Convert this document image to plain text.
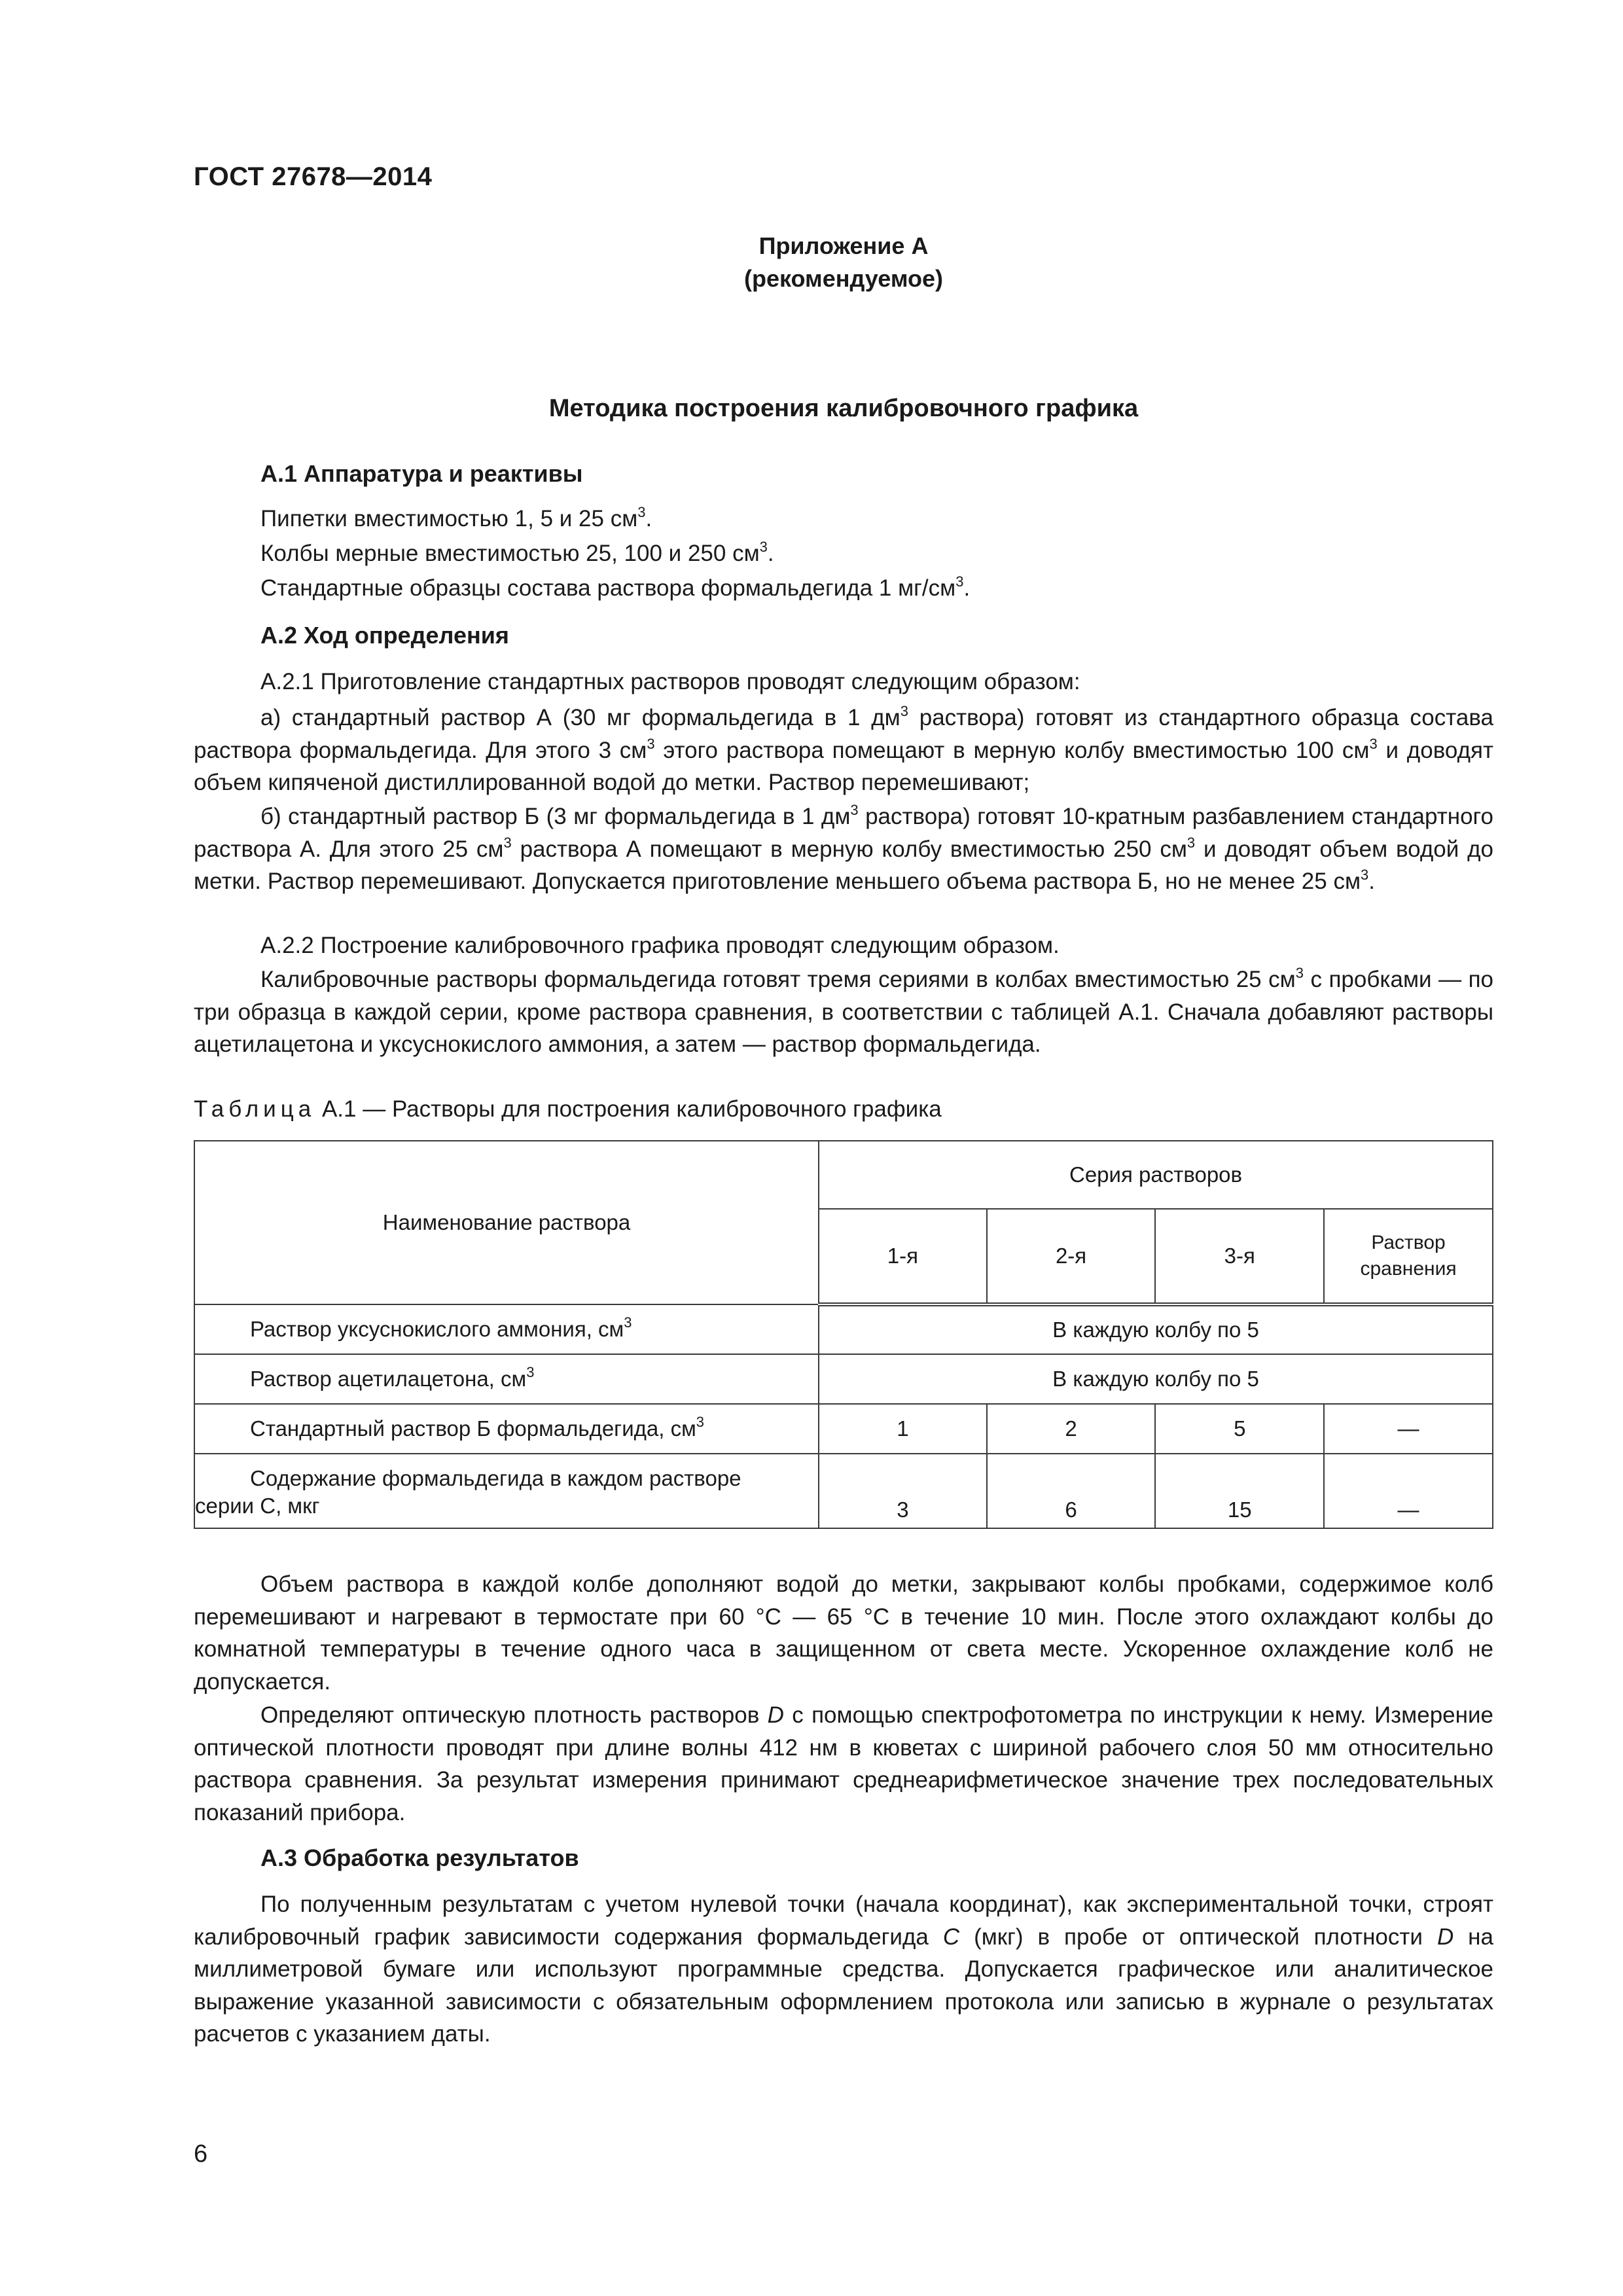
ГОСТ 27678—2014
Приложение А
(рекомендуемое)
Методика построения калибровочного графика
А.1 Аппаратура и реактивы
Пипетки вместимостью 1, 5 и 25 $см^3$.
Колбы мерные вместимостью 25, 100 и 250 $см^3$.
Стандартные образцы состава раствора формальдегида 1 $мг/см^3$.
А.2 Ход определения
А.2.1 Приготовление стандартных растворов проводят следующим образом:

а) стандартный раствор А (30 мг формальдегида в 1 $дм^3$ раствора) готовят из стандартного образца состава раствора формальдегида. Для этого 3 $см^3$ этого раствора помещают в мерную колбу вместимостью 100 $см^3$ и доводят объем кипяченой дистиллированной водой до метки. Раствор перемешивают;

б) стандартный раствор Б (3 мг формальдегида в 1 $дм^3$ раствора) готовят 10-кратным разбавлением стандартного раствора А. Для этого 25 $см^3$ раствора А помещают в мерную колбу вместимостью 250 $см^3$ и доводят объем водой до метки. Раствор перемешивают. Допускается приготовление меньшего объема раствора Б, но не менее 25 $см^3$.

А.2.2 Построение калибровочного графика проводят следующим образом.

Калибровочные растворы формальдегида готовят тремя сериями в колбах вместимостью 25 $см^3$ с пробками — по три образца в каждой серии, кроме раствора сравнения, в соответствии с таблицей А.1. Сначала добавляют растворы ацетилацетона и уксуснокислого аммония, а затем — раствор формальдегида.

Таблица А.1 — Растворы для построения калибровочного графика
Наименование раствора	Серия растворов			
	1-я	2-я	3-я	Раствор
сравнения
Раствор уксуснокислого аммония, $см^3$	В каждую колбу по 5			
Раствор ацетилацетона, $см^3$	В каждую колбу по 5			
Стандартный раствор Б формальдегида, $см^3$	1	2	5	—
Содержание формальдегида в каждом растворе
серии С, мкг	3	6	15	—

Объем раствора в каждой колбе дополняют водой до метки, закрывают колбы пробками, содержимое колб перемешивают и нагревают в термостате при 60 °С — 65 °С в течение 10 мин. После этого охлаждают колбы до комнатной температуры в течение одного часа в защищенном от света месте. Ускоренное охлаждение колб не допускается.

Определяют оптическую плотность растворов D с помощью спектрофотометра по инструкции к нему. Измерение оптической плотности проводят при длине волны 412 нм в кюветах с шириной рабочего слоя 50 мм относительно раствора сравнения. За результат измерения принимают среднеарифметическое значение трех последовательных показаний прибора.

А.3 Обработка результатов

По полученным результатам с учетом нулевой точки (начала координат), как экспериментальной точки, строят калибровочный график зависимости содержания формальдегида С (мкг) в пробе от оптической плотности D на миллиметровой бумаге или используют программные средства. Допускается графическое или аналитическое выражение указанной зависимости с обязательным оформлением протокола или записью в журнале о результатах расчетов с указанием даты.

6
